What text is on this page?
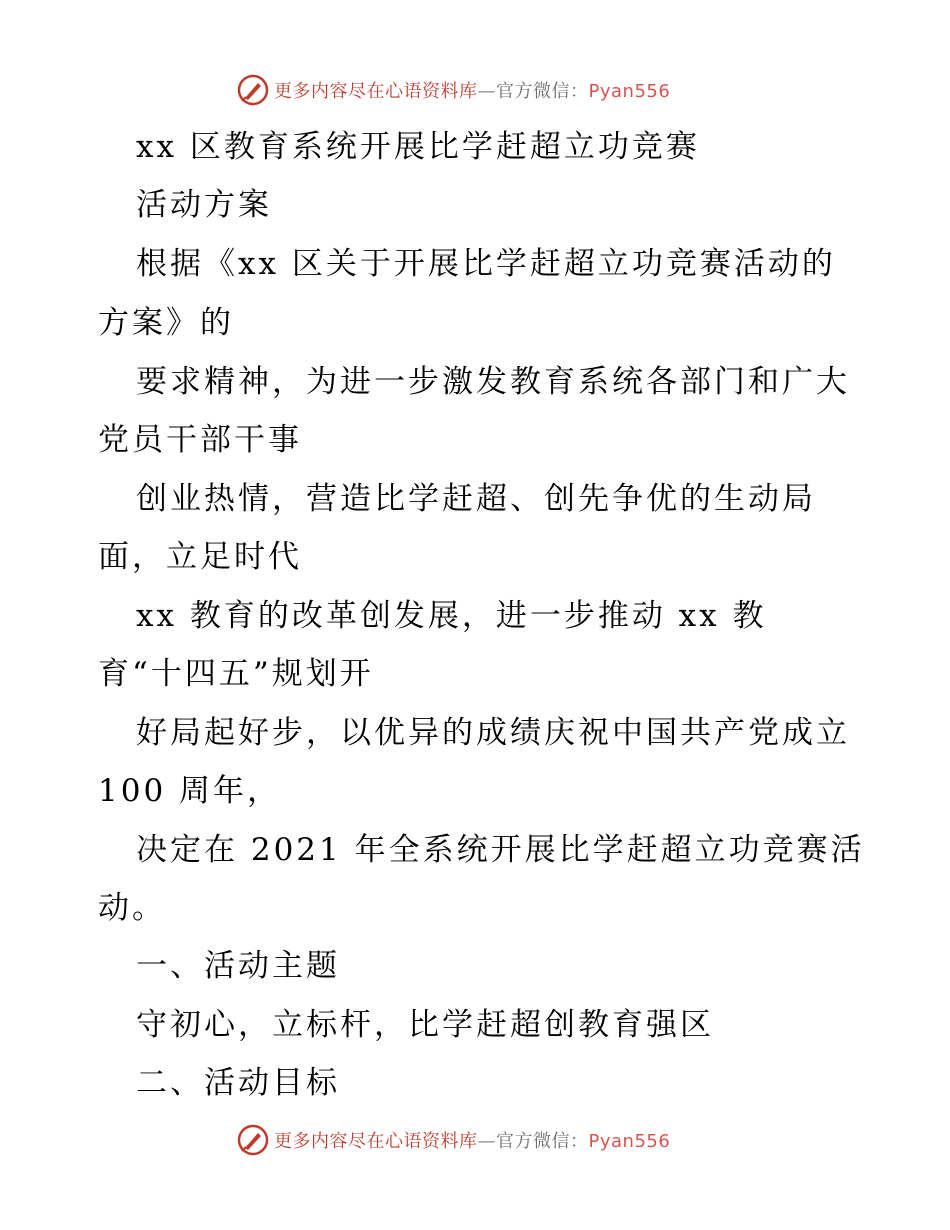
更多内容尽在心语资料库—官方微信：Pyan556

xx 区教育系统开展比学赶超立功竞赛

活动方案

根据《xx 区关于开展比学赶超立功竞赛活动的

方案》的

要求精神，为进一步激发教育系统各部门和广大

党员干部干事

创业热情，营造比学赶超、创先争优的生动局

面，立足时代

xx 教育的改革创发展，进一步推动 xx 教

育“十四五”规划开

好局起好步，以优异的成绩庆祝中国共产党成立

100 周年，

决定在 2021 年全系统开展比学赶超立功竞赛活

动。

一、活动主题

守初心，立标杆，比学赶超创教育强区

二、活动目标

更多内容尽在心语资料库—官方微信：Pyan556
